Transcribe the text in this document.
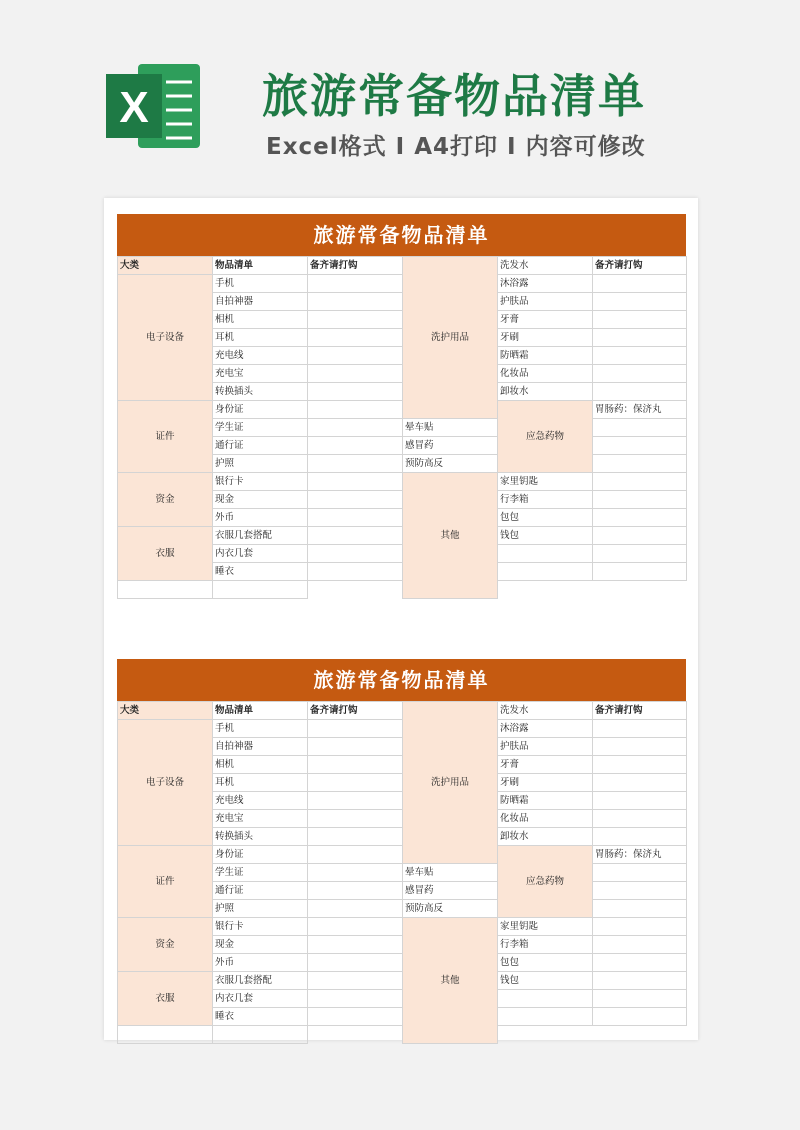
X 旅游常备物品清单
Excel格式 Ⅰ A4打印 Ⅰ 内容可修改
旅游常备物品清单
大类	物品清单	备齐请打钩	洗护用品	洗发水	备齐请打钩	
电子设备	手机			沐浴露		
	自拍神器			护肤品		
	相机			牙膏		
	耳机			牙刷		
	充电线			防晒霜		
	充电宝			化妆品		
	转换插头			卸妆水		
证件	身份证			应急药物	胃肠药：保济丸	
	学生证		晕车贴			
	通行证		感冒药			
	护照		预防高反			
资金	银行卡		其他	家里钥匙		
	现金			行李箱		
	外币			包包		
衣服	衣服几套搭配			钱包		
	内衣几套					
	睡衣					

旅游常备物品清单
大类	物品清单	备齐请打钩	洗护用品	洗发水	备齐请打钩	
电子设备	手机			沐浴露		
	自拍神器			护肤品		
	相机			牙膏		
	耳机			牙刷		
	充电线			防晒霜		
	充电宝			化妆品		
	转换插头			卸妆水		
证件	身份证			应急药物	胃肠药：保济丸	
	学生证		晕车贴			
	通行证		感冒药			
	护照		预防高反			
资金	银行卡		其他	家里钥匙		
	现金			行李箱		
	外币			包包		
衣服	衣服几套搭配			钱包		
	内衣几套					
	睡衣					
